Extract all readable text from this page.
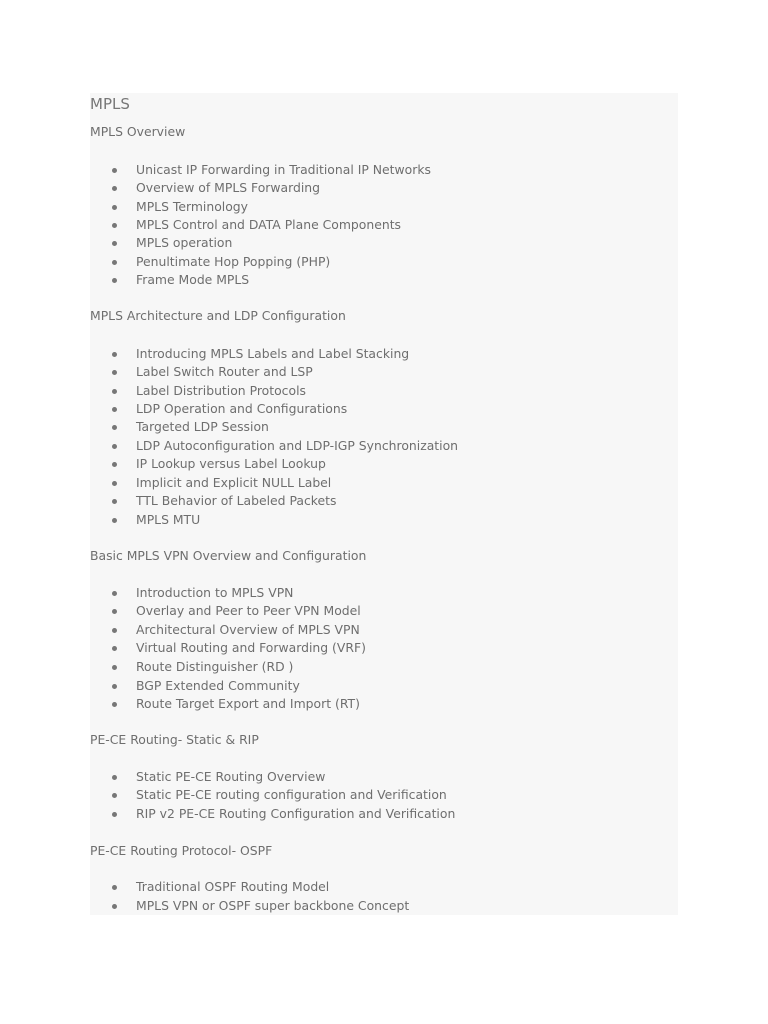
MPLS
MPLS Overview
Unicast IP Forwarding in Traditional IP Networks
Overview of MPLS Forwarding
MPLS Terminology
MPLS Control and DATA Plane Components
MPLS operation
Penultimate Hop Popping (PHP)
Frame Mode MPLS
MPLS Architecture and LDP Configuration
Introducing MPLS Labels and Label Stacking
Label Switch Router and LSP
Label Distribution Protocols
LDP Operation and Configurations
Targeted LDP Session
LDP Autoconfiguration and LDP-IGP Synchronization
IP Lookup versus Label Lookup
Implicit and Explicit NULL Label
TTL Behavior of Labeled Packets
MPLS MTU
Basic MPLS VPN Overview and Configuration
Introduction to MPLS VPN
Overlay and Peer to Peer VPN Model
Architectural Overview of MPLS VPN
Virtual Routing and Forwarding (VRF)
Route Distinguisher (RD )
BGP Extended Community
Route Target Export and Import (RT)
PE-CE Routing- Static & RIP
Static PE-CE Routing Overview
Static PE-CE routing configuration and Verification
RIP v2 PE-CE Routing Configuration and Verification
PE-CE Routing Protocol- OSPF
Traditional OSPF Routing Model
MPLS VPN or OSPF super backbone Concept
